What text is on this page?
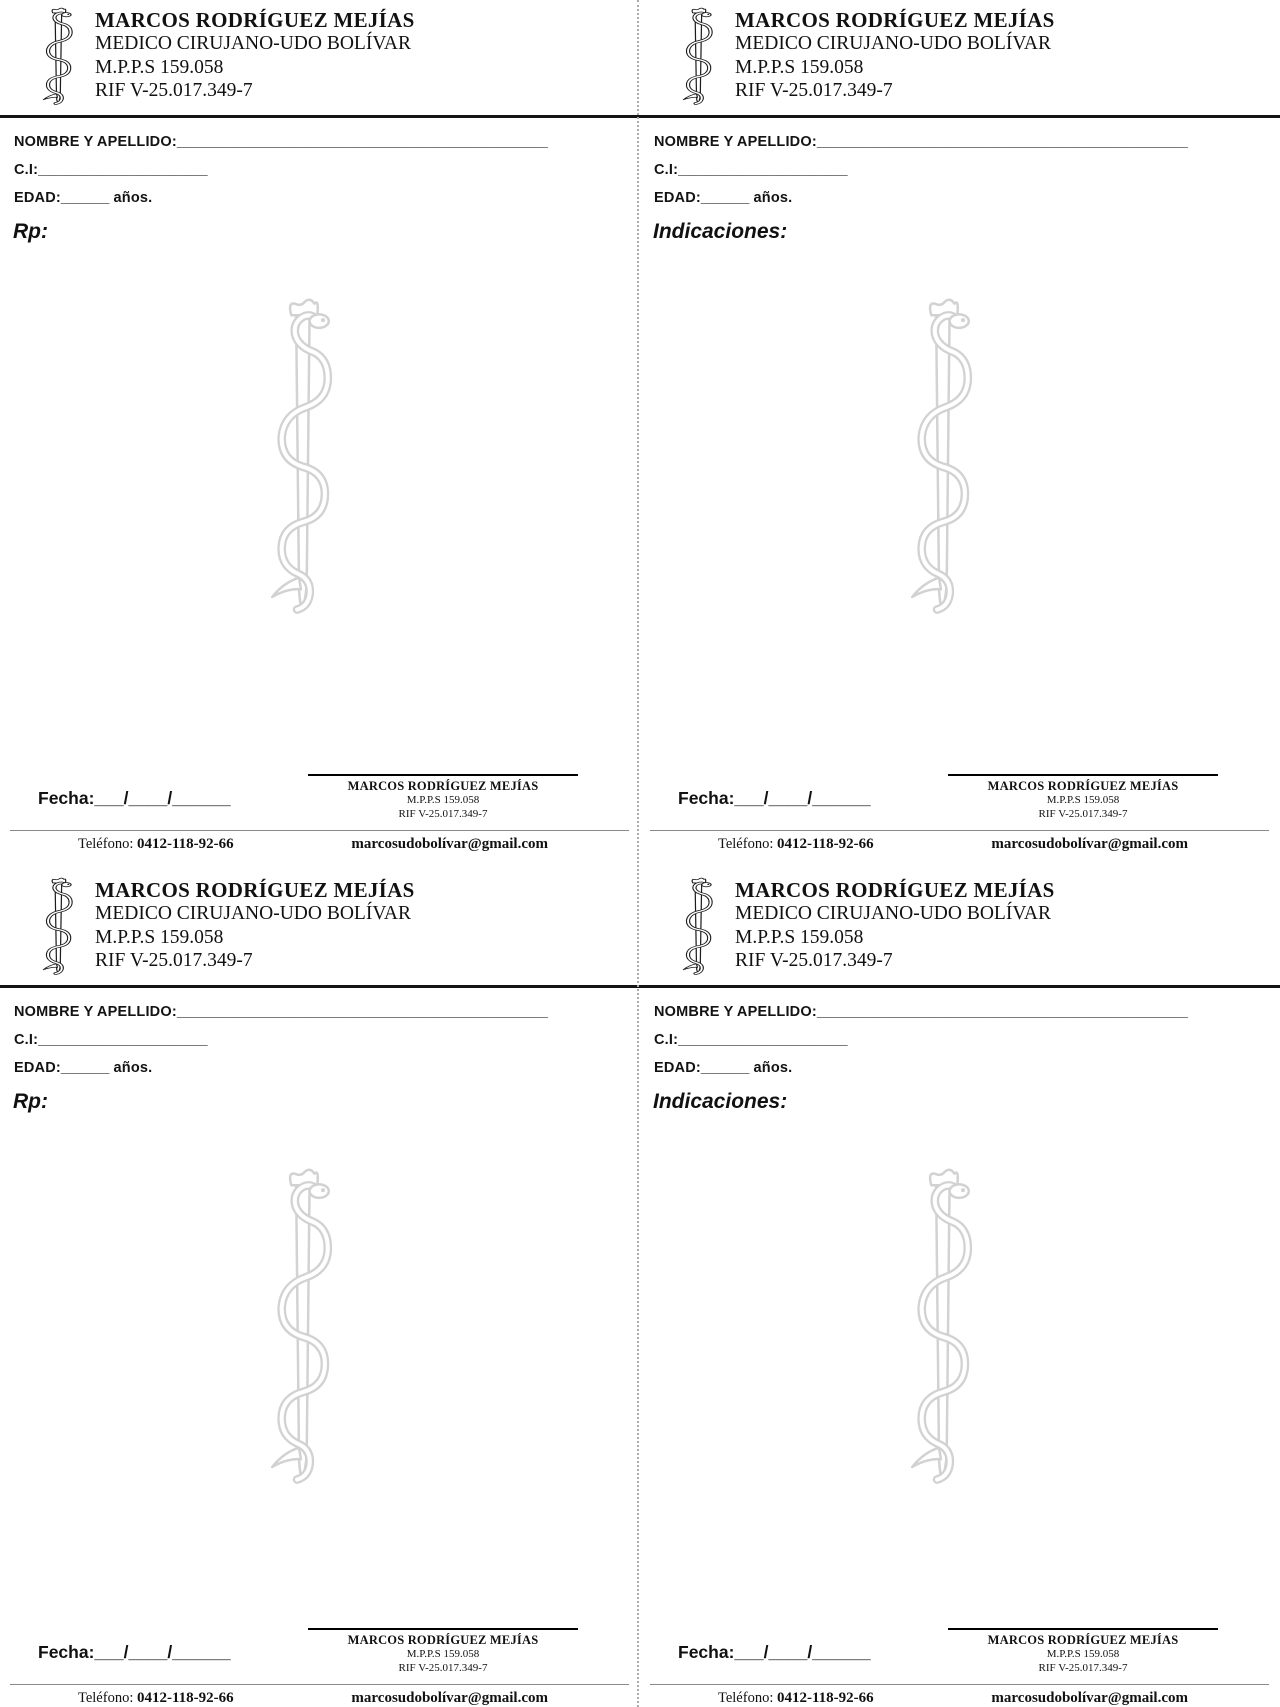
MARCOS RODRÍGUEZ MEJÍAS
MEDICO CIRUJANO-UDO BOLÍVAR
M.P.P.S 159.058
RIF V-25.017.349-7
NOMBRE Y APELLIDO:______________________________________________
C.I:_____________________
EDAD:______ años.
Rp:
Fecha:___/____/______
MARCOS RODRÍGUEZ MEJÍAS
M.P.P.S 159.058
RIF V-25.017.349-7
Teléfono: 0412-118-92-66	marcosudobolívar@gmail.com
MARCOS RODRÍGUEZ MEJÍAS
MEDICO CIRUJANO-UDO BOLÍVAR
M.P.P.S 159.058
RIF V-25.017.349-7
NOMBRE Y APELLIDO:______________________________________________
C.I:_____________________
EDAD:______ años.
Indicaciones:
Fecha:___/____/______
MARCOS RODRÍGUEZ MEJÍAS
M.P.P.S 159.058
RIF V-25.017.349-7
Teléfono: 0412-118-92-66	marcosudobolívar@gmail.com
MARCOS RODRÍGUEZ MEJÍAS
MEDICO CIRUJANO-UDO BOLÍVAR
M.P.P.S 159.058
RIF V-25.017.349-7
NOMBRE Y APELLIDO:______________________________________________
C.I:_____________________
EDAD:______ años.
Rp:
Fecha:___/____/______
MARCOS RODRÍGUEZ MEJÍAS
M.P.P.S 159.058
RIF V-25.017.349-7
Teléfono: 0412-118-92-66	marcosudobolívar@gmail.com
MARCOS RODRÍGUEZ MEJÍAS
MEDICO CIRUJANO-UDO BOLÍVAR
M.P.P.S 159.058
RIF V-25.017.349-7
NOMBRE Y APELLIDO:______________________________________________
C.I:_____________________
EDAD:______ años.
Indicaciones:
Fecha:___/____/______
MARCOS RODRÍGUEZ MEJÍAS
M.P.P.S 159.058
RIF V-25.017.349-7
Teléfono: 0412-118-92-66	marcosudobolívar@gmail.com
